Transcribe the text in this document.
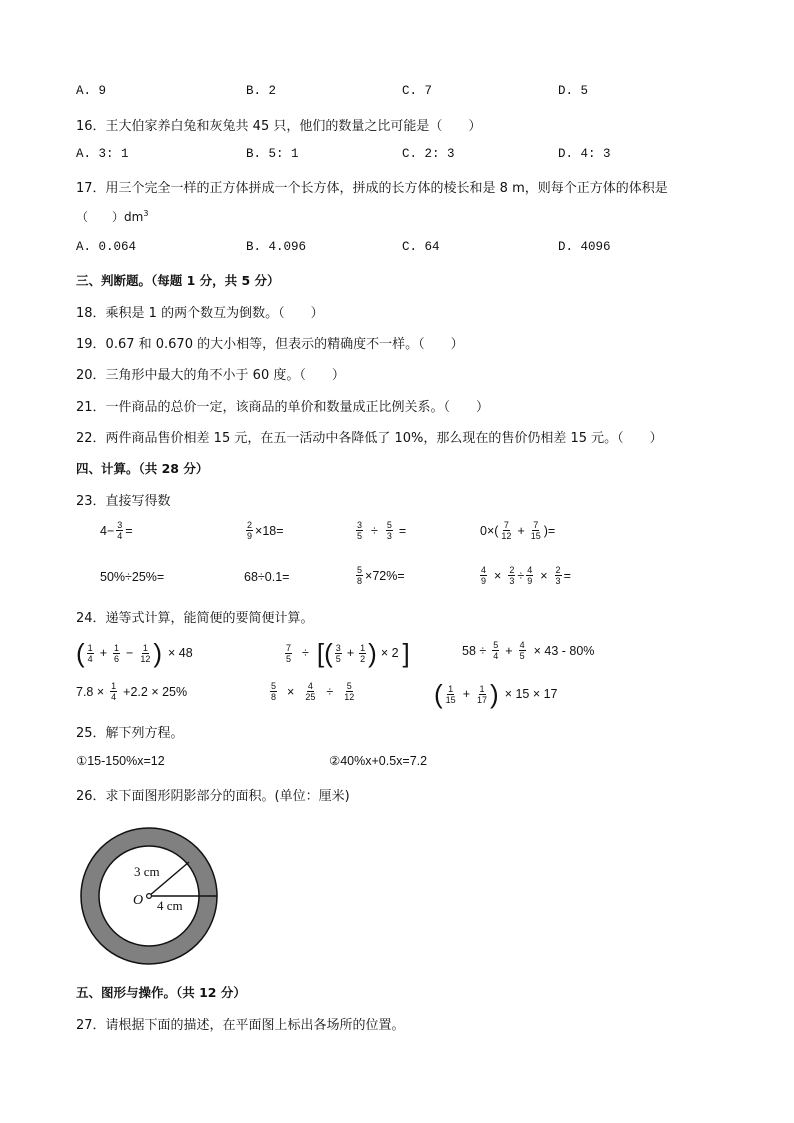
A. 9	B. 2	C. 7	D. 5
16．王大伯家养白兔和灰兔共 45 只，他们的数量之比可能是（　　）
A. 3: 1	B. 5: 1	C. 2: 3	D. 4: 3
17．用三个完全一样的正方体拼成一个长方体，拼成的长方体的棱长和是 8 m，则每个正方体的体积是
（　　）$dm^3$
A. 0.064	B. 4.096	C. 64	D. 4096
三、判断题。（每题 1 分，共 5 分）
18．乘积是 1 的两个数互为倒数。（　　）
19．0.67 和 0.670 的大小相等，但表示的精确度不一样。（　　）
20．三角形中最大的角不小于 60 度。（　　）
21．一件商品的总价一定，该商品的单价和数量成正比例关系。（　　）
22．两件商品售价相差 15 元，在五一活动中各降低了 10%，那么现在的售价仍相差 15 元。（　　）
四、计算。（共 28 分）
23．直接写得数
$4 - \frac{3}{4}$ =	$\frac{2}{9} \times 18=$	$\frac{3}{5} \div \frac{5}{3}$ =	$0\times( \frac{7}{12} + \frac{7}{15}$ )=
50%÷25%=	68÷0.1=	$\frac{5}{8} \times 72\%=$	$\frac{4}{9} \times \frac{2}{3} \div \frac{4}{9} \times \frac{2}{3}$ =
24．递等式计算，能简便的要简便计算。
( $\frac{1}{4} + \frac{1}{6} - \frac{1}{12}$ ) × 48	$\frac{7}{5}$ ÷ [ ( $\frac{3}{5} + \frac{1}{2}$ ) × 2 ]	$58 \div \frac{5}{4} + \frac{4}{5} \times 43 - 80\%$
$7.8 \times \frac{1}{4} +2.2 \times 25\%$	$\frac{5}{8} \times \frac{4}{25} \div \frac{5}{12}$	( $\frac{1}{15} + \frac{1}{17}$ ) × 15 × 17
25．解下列方程。
①15-150%x=12	②40%x+0.5x=7.2
26．求下面图形阴影部分的面积。(单位：厘米)
3 cm
4 cm
O
五、图形与操作。（共 12 分）
27．请根据下面的描述，在平面图上标出各场所的位置。
